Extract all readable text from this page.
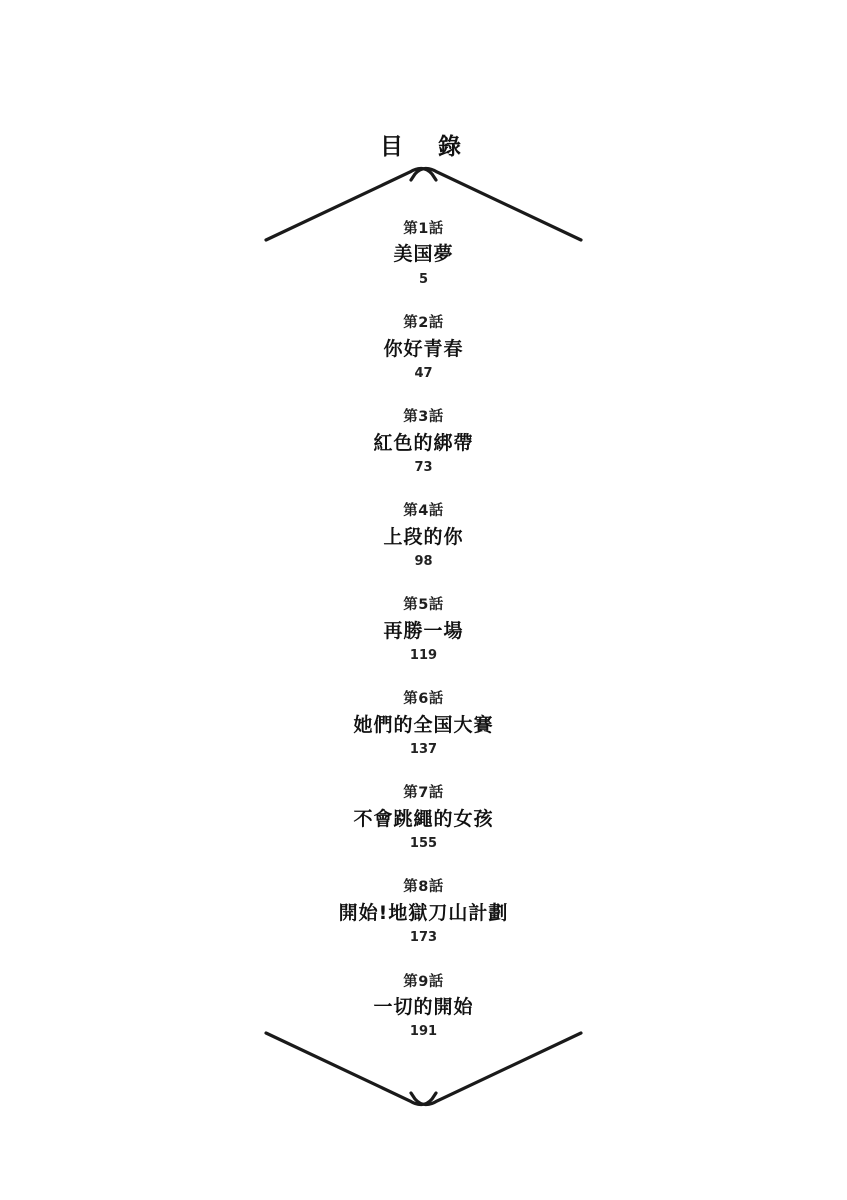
目　錄
第1話
美国夢
5
第2話
你好青春
47
第3話
紅色的綁帶
73
第4話
上段的你
98
第5話
再勝一場
119
第6話
她們的全国大賽
137
第7話
不會跳繩的女孩
155
第8話
開始!地獄刀山計劃
173
第9話
一切的開始
191
